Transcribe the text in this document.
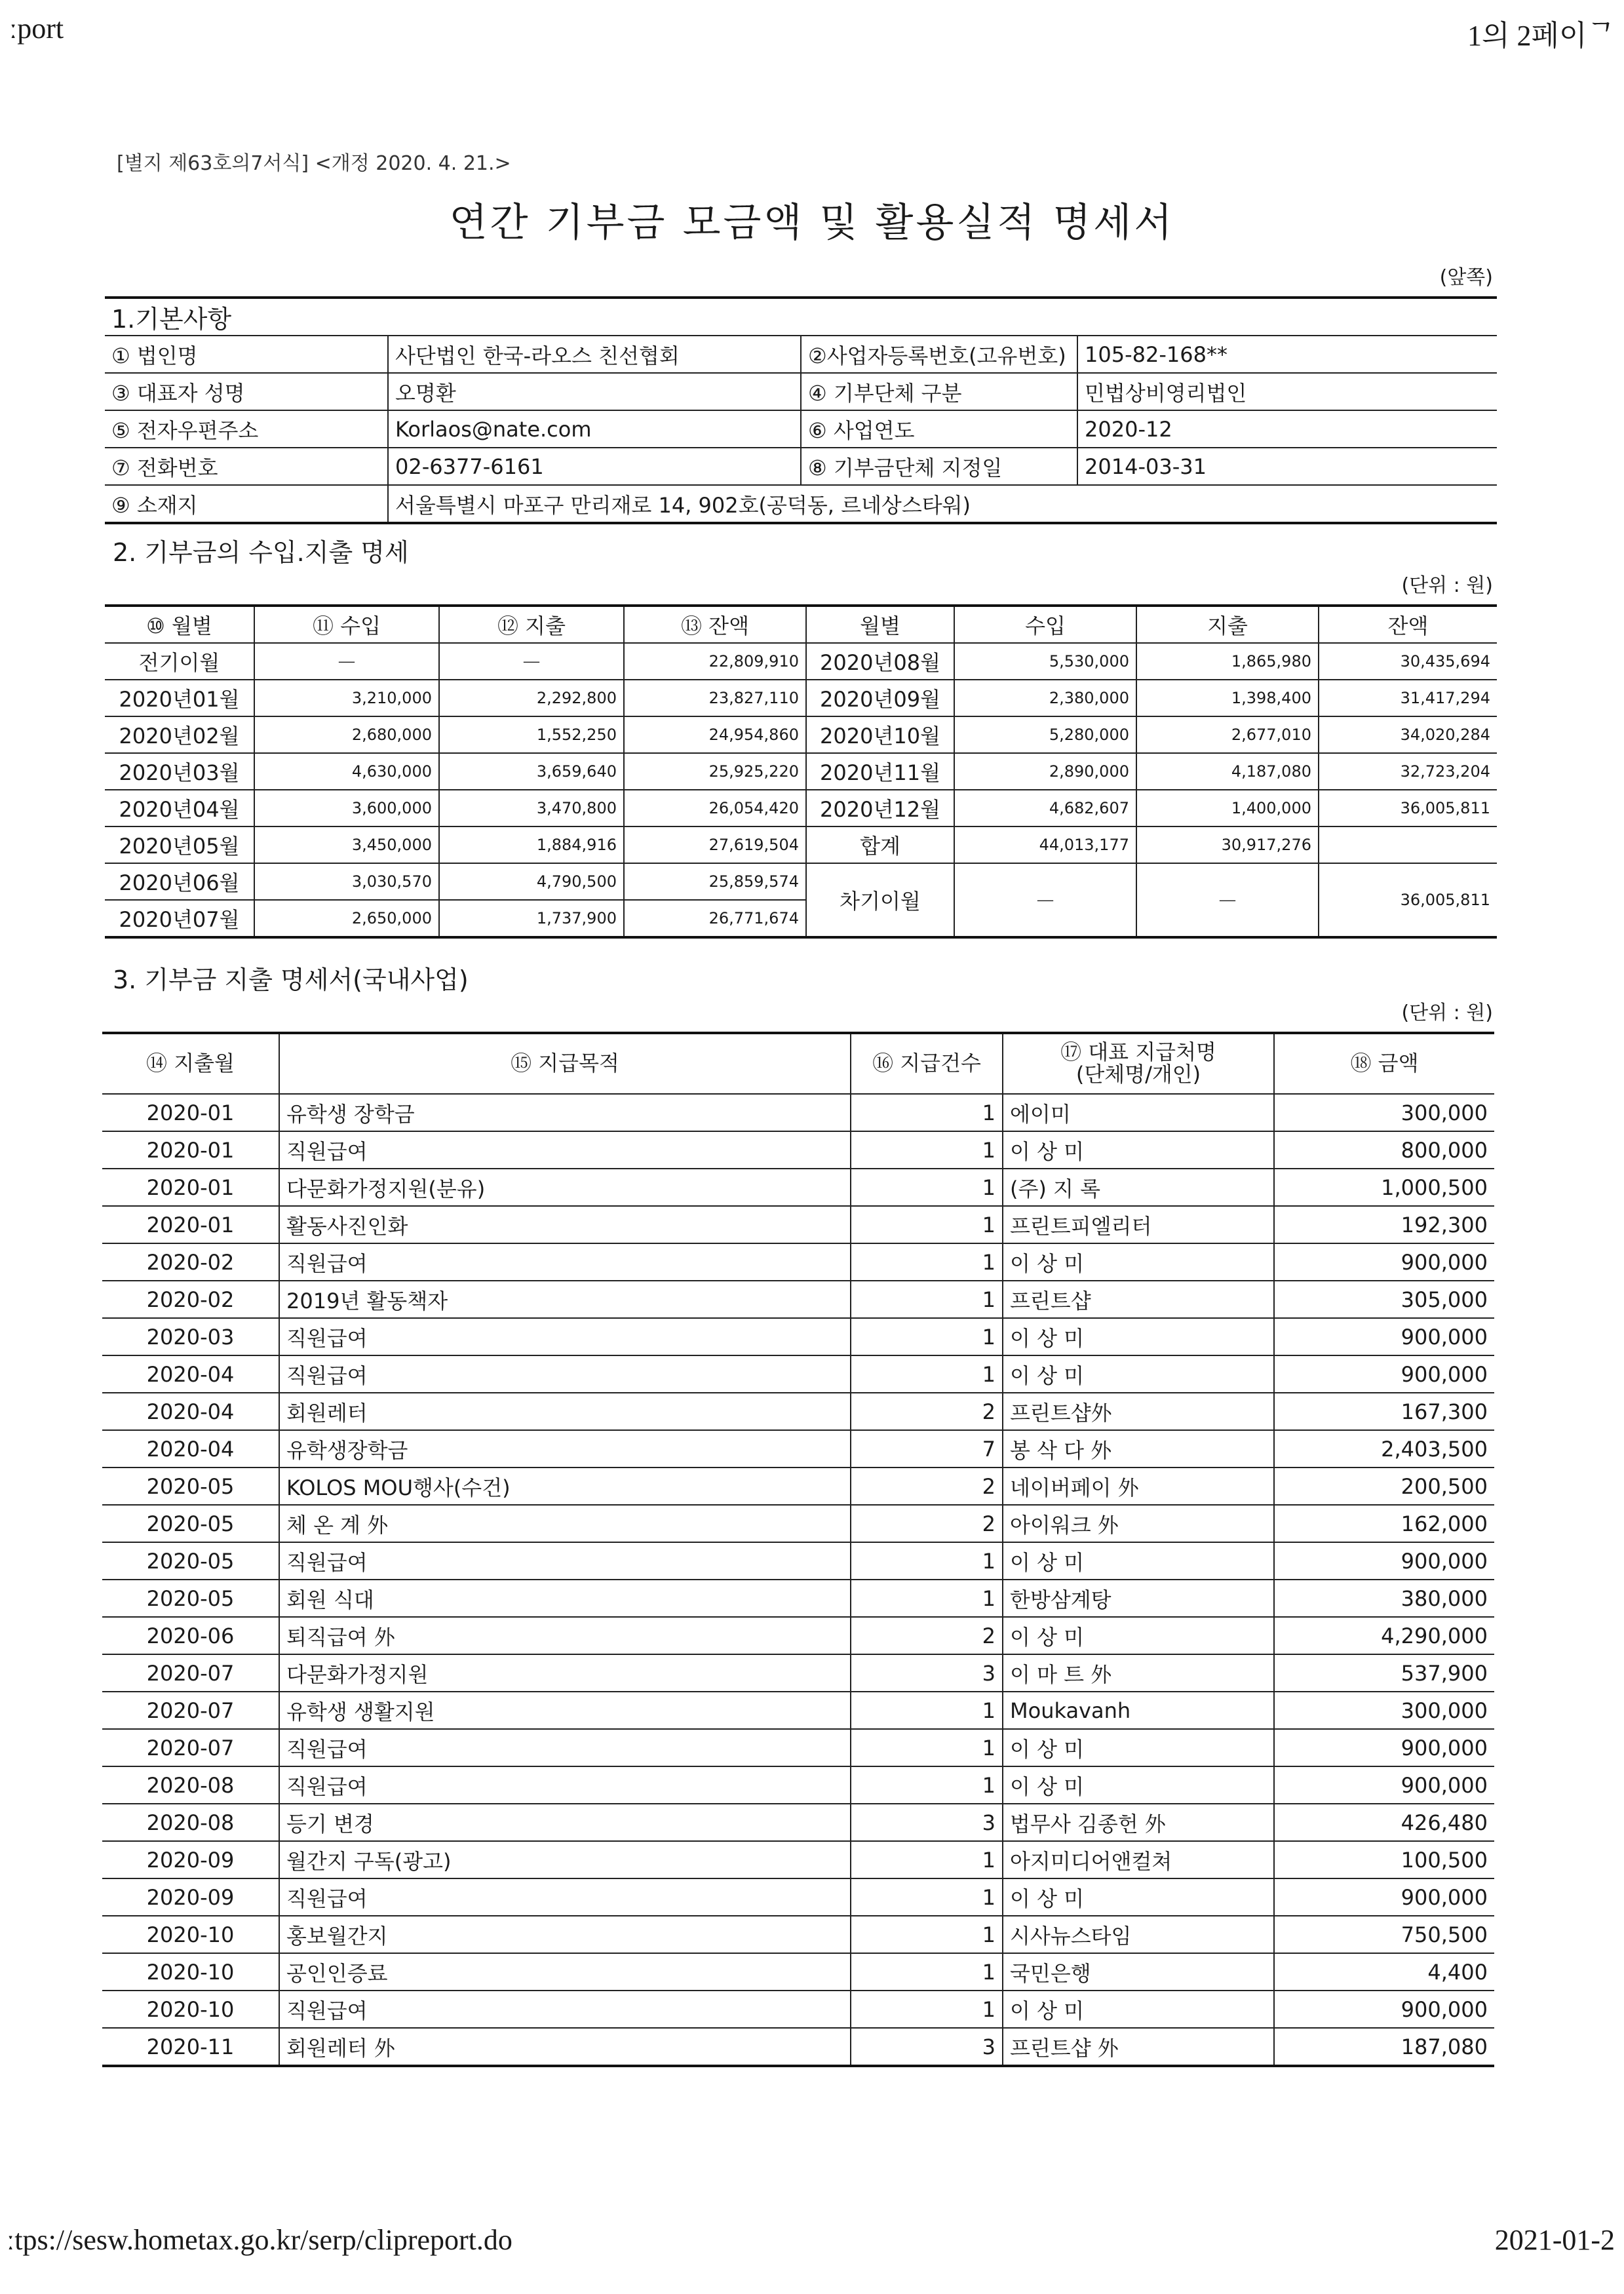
ːport	1의 2페이ᄀ
[별지 제63호의7서식] <개정 2020. 4. 21.>
연간 기부금 모금액 및 활용실적 명세서
(앞쪽)
1.기본사항			
① 법인명	사단법인 한국-라오스 친선협회	②사업자등록번호(고유번호)	105-82-168**
③ 대표자 성명	오명환	④ 기부단체 구분	민법상비영리법인
⑤ 전자우편주소	Korlaos@nate.com	⑥ 사업연도	2020-12
⑦ 전화번호	02-6377-6161	⑧ 기부금단체 지정일	2014-03-31
⑨ 소재지	서울특별시 마포구 만리재로 14, 902호(공덕동, 르네상스타워)		
2. 기부금의 수입.지출 명세
(단위 : 원)
⑩ 월별	⑪ 수입	⑫ 지출	⑬ 잔액	월별	수입	지출	잔액
전기이월	－	－	22,809,910	2020년08월	5,530,000	1,865,980	30,435,694
2020년01월	3,210,000	2,292,800	23,827,110	2020년09월	2,380,000	1,398,400	31,417,294
2020년02월	2,680,000	1,552,250	24,954,860	2020년10월	5,280,000	2,677,010	34,020,284
2020년03월	4,630,000	3,659,640	25,925,220	2020년11월	2,890,000	4,187,080	32,723,204
2020년04월	3,600,000	3,470,800	26,054,420	2020년12월	4,682,607	1,400,000	36,005,811
2020년05월	3,450,000	1,884,916	27,619,504	합계	44,013,177	30,917,276	
2020년06월	3,030,570	4,790,500	25,859,574	차기이월	－	－	36,005,811
2020년07월	2,650,000	1,737,900	26,771,674				
3. 기부금 지출 명세서(국내사업)
(단위 : 원)
⑭ 지출월	⑮ 지급목적	⑯ 지급건수	⑰ 대표 지급처명
(단체명/개인)	⑱ 금액
2020-01	유학생 장학금	1	에이미	300,000
2020-01	직원급여	1	이 상 미	800,000
2020-01	다문화가정지원(분유)	1	(주) 지 록	1,000,500
2020-01	활동사진인화	1	프린트피엘리터	192,300
2020-02	직원급여	1	이 상 미	900,000
2020-02	2019년 활동책자	1	프린트샵	305,000
2020-03	직원급여	1	이 상 미	900,000
2020-04	직원급여	1	이 상 미	900,000
2020-04	회원레터	2	프린트샵外	167,300
2020-04	유학생장학금	7	봉 삭 다 外	2,403,500
2020-05	KOLOS MOU행사(수건)	2	네이버페이 外	200,500
2020-05	체 온 계 外	2	아이워크 外	162,000
2020-05	직원급여	1	이 상 미	900,000
2020-05	회원 식대	1	한방삼계탕	380,000
2020-06	퇴직급여 外	2	이 상 미	4,290,000
2020-07	다문화가정지원	3	이 마 트 外	537,900
2020-07	유학생 생활지원	1	Moukavanh	300,000
2020-07	직원급여	1	이 상 미	900,000
2020-08	직원급여	1	이 상 미	900,000
2020-08	등기 변경	3	법무사 김종헌 外	426,480
2020-09	월간지 구독(광고)	1	아지미디어앤컬쳐	100,500
2020-09	직원급여	1	이 상 미	900,000
2020-10	홍보월간지	1	시사뉴스타임	750,500
2020-10	공인인증료	1	국민은행	4,400
2020-10	직원급여	1	이 상 미	900,000
2020-11	회원레터 外	3	프린트샵 外	187,080
ːtps://sesw.hometax.go.kr/serp/clipreport.do	2021-01-2
